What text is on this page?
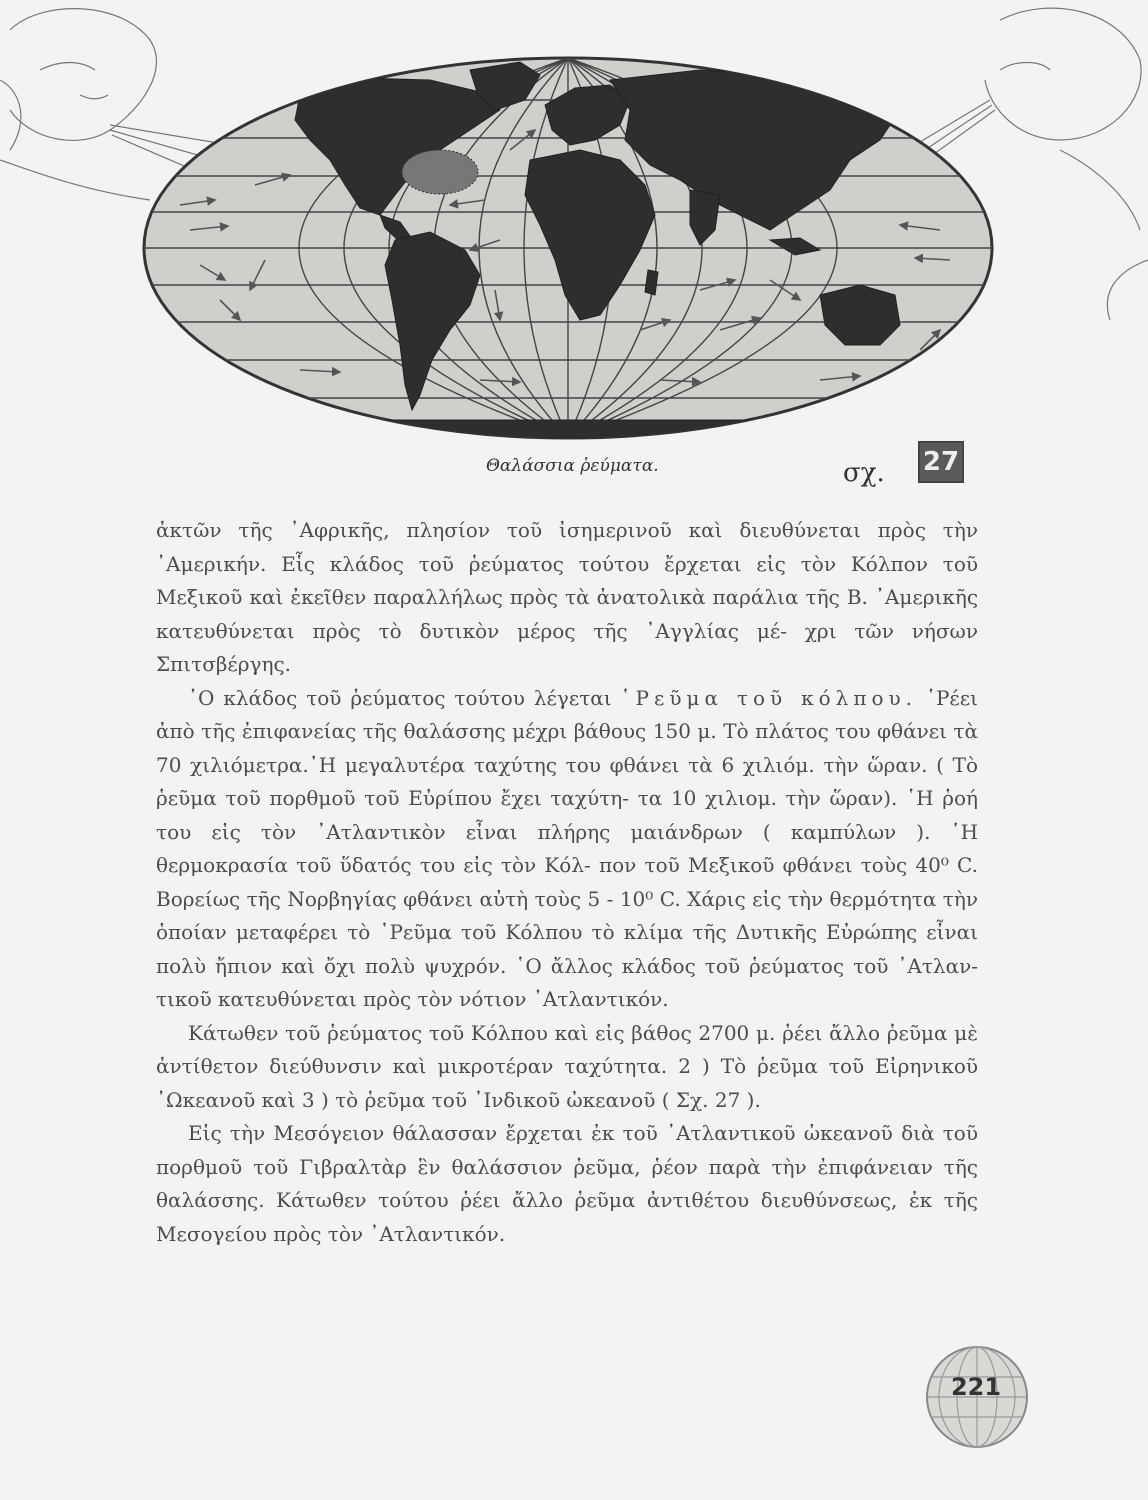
Θαλάσσια ῥεύματα.	σχ. 27

ἀκτῶν τῆς ᾿Αφρικῆς, πλησίον τοῦ ἰσημερινοῦ καὶ διευθύνεται πρὸς τὴν ᾿Αμερικήν. Εἷς κλάδος τοῦ ῥεύματος τούτου ἔρχεται εἰς τὸν Κόλπον τοῦ Μεξικοῦ καὶ ἐκεῖθεν παραλλήλως πρὸς τὰ ἀνατολικὰ παράλια τῆς Β. ᾿Αμερικῆς κατευθύνεται πρὸς τὸ δυτικὸν μέρος τῆς ᾿Αγγλίας μέ- χρι τῶν νήσων Σπιτσβέργης.

῾Ο κλάδος τοῦ ῥεύματος τούτου λέγεται ῾Ρεῦμα τοῦ κόλπου. ῾Ρέει ἀπὸ τῆς ἐπιφανείας τῆς θαλάσσης μέχρι βάθους 150 μ. Τὸ πλάτος του φθάνει τὰ 70 χιλιόμετρα.῾Η μεγαλυτέρα ταχύτης του φθάνει τὰ 6 χιλιόμ. τὴν ὥραν. ( Τὸ ῥεῦμα τοῦ πορθμοῦ τοῦ Εὐρίπου ἔχει ταχύτη- τα 10 χιλιομ. τὴν ὥραν). ῾Η ῥοή του εἰς τὸν ᾿Ατλαντικὸν εἶναι πλήρης μαιάνδρων ( καμπύλων ). ῾Η θερμοκρασία τοῦ ὕδατός του εἰς τὸν Κόλ- πον τοῦ Μεξικοῦ φθάνει τοὺς 40⁰ C. Βορείως τῆς Νορβηγίας φθάνει αὐτὴ τοὺς 5 - 10⁰ C. Χάρις εἰς τὴν θερμότητα τὴν ὁποίαν μεταφέρει τὸ ῾Ρεῦμα τοῦ Κόλπου τὸ κλίμα τῆς Δυτικῆς Εὐρώπης εἶναι πολὺ ἤπιον καὶ ὄχι πολὺ ψυχρόν. ῾Ο ἄλλος κλάδος τοῦ ῥεύματος τοῦ ᾿Ατλαν- τικοῦ κατευθύνεται πρὸς τὸν νότιον ᾿Ατλαντικόν.

Κάτωθεν τοῦ ῥεύματος τοῦ Κόλπου καὶ εἰς βάθος 2700 μ. ῥέει ἄλλο ῥεῦμα μὲ ἀντίθετον διεύθυνσιν καὶ μικροτέραν ταχύτητα. 2 ) Τὸ ῥεῦμα τοῦ Εἰρηνικοῦ ᾿Ωκεανοῦ καὶ 3 ) τὸ ῥεῦμα τοῦ ᾿Ινδικοῦ ὠκεανοῦ ( Σχ. 27 ).

Εἰς τὴν Μεσόγειον θάλασσαν ἔρχεται ἐκ τοῦ ᾿Ατλαντικοῦ ὠκεανοῦ διὰ τοῦ πορθμοῦ τοῦ Γιβραλτὰρ ἓν θαλάσσιον ῥεῦμα, ῥέον παρὰ τὴν ἐπιφάνειαν τῆς θαλάσσης. Κάτωθεν τούτου ῥέει ἄλλο ῥεῦμα ἀντιθέτου διευθύνσεως, ἐκ τῆς Μεσογείου πρὸς τὸν ᾿Ατλαντικόν.

221
